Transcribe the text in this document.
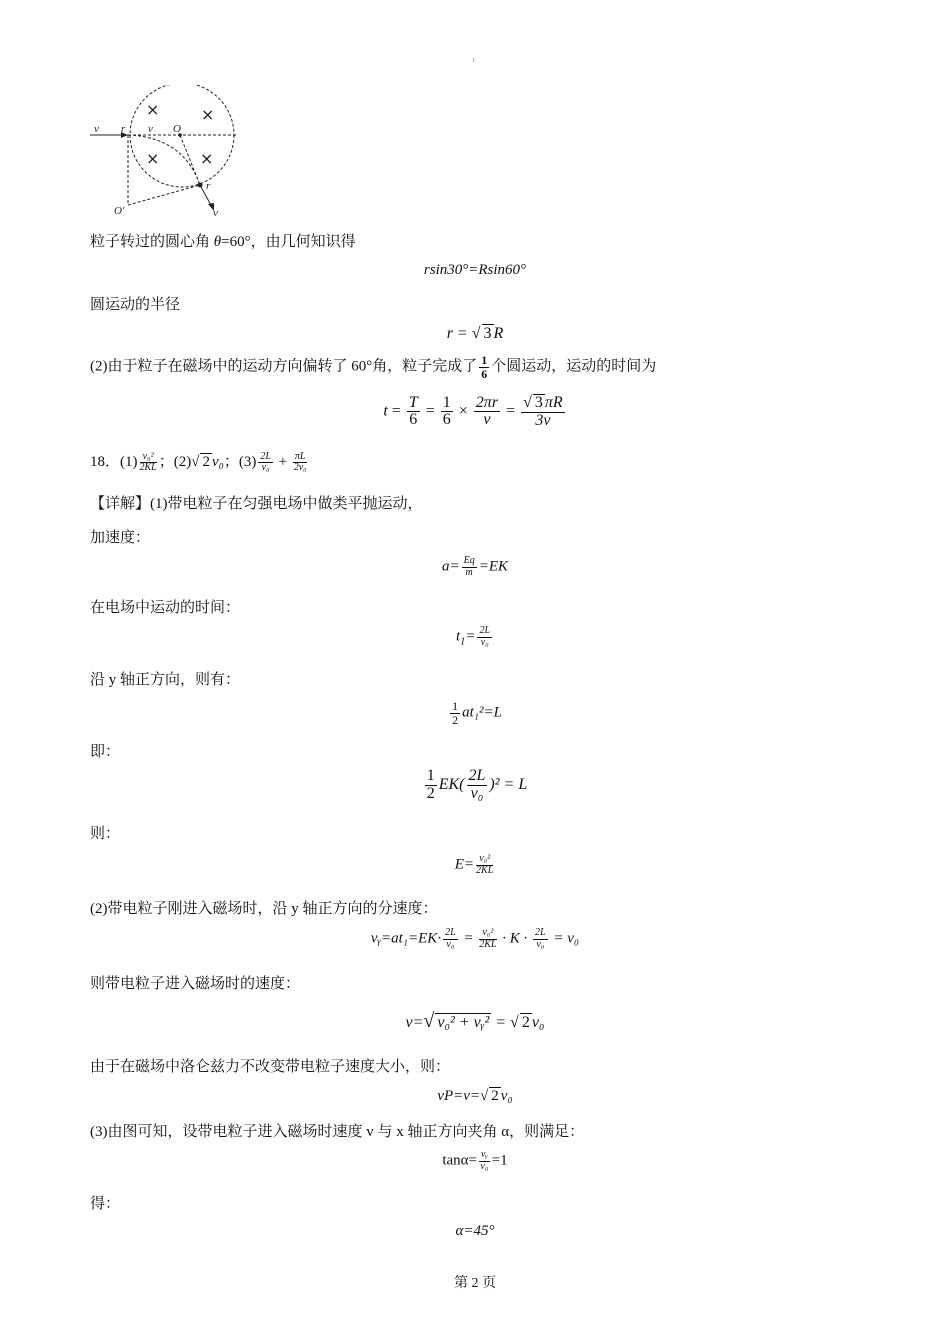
1
v r v O
r
v
O′
×	×
×	×
粒子转过的圆心角 θ=60°，由几何知识得
rsin30°=Rsin60°
圆运动的半径
r = √ 3 R
(2)由于粒子在磁场中的运动方向偏转了 60°角，粒子完成了 $\frac{1}{6}$ 个圆运动，运动的时间为
$t = \frac{T}{6} = \frac{1}{6} \times \frac{2\pi r}{v} = \frac{√ 3 \pi R}{3v}$
18．$(1) \frac{\text{v₀²}}{2KL}$ ；(2)√ 2 v₀；$(3) \frac{2L}{\text{v₀}} + \frac{\pi L}{\text{2v₀}}$
【详解】(1)带电粒子在匀强电场中做类平抛运动，
加速度：
$a= \frac{Eq}{m} =EK$
在电场中运动的时间：
$t_1= \frac{2L}{\text{v₀}}$
沿 y 轴正方向，则有：
$\frac{1}{2} at_1^2=L$
即：
$\frac{1}{2} EK( \frac{2L}{\text{v₀}} )^2 = L$
则：
$E= \frac{\text{v₀²}}{2KL}$
(2)带电粒子刚进入磁场时，沿 y 轴正方向的分速度：
vᵧ=at₁=EK· $\frac{2L}{\text{v₀}} = \frac{\text{v₀²}}{2KL} \cdot K \cdot \frac{2L}{\text{v₀}} = v_0$
则带电粒子进入磁场时的速度：
v=√ v₀² + vᵧ² = √ 2 v₀
由于在磁场中洛仑兹力不改变带电粒子速度大小，则：
vP=v=√ 2 v₀
(3)由图可知，设带电粒子进入磁场时速度 v 与 x 轴正方向夹角 α，则满足：
$\tan\alpha= \frac{\text{vᵧ}}{\text{v₀}} =1$
得：
α=45°
第 2 页
